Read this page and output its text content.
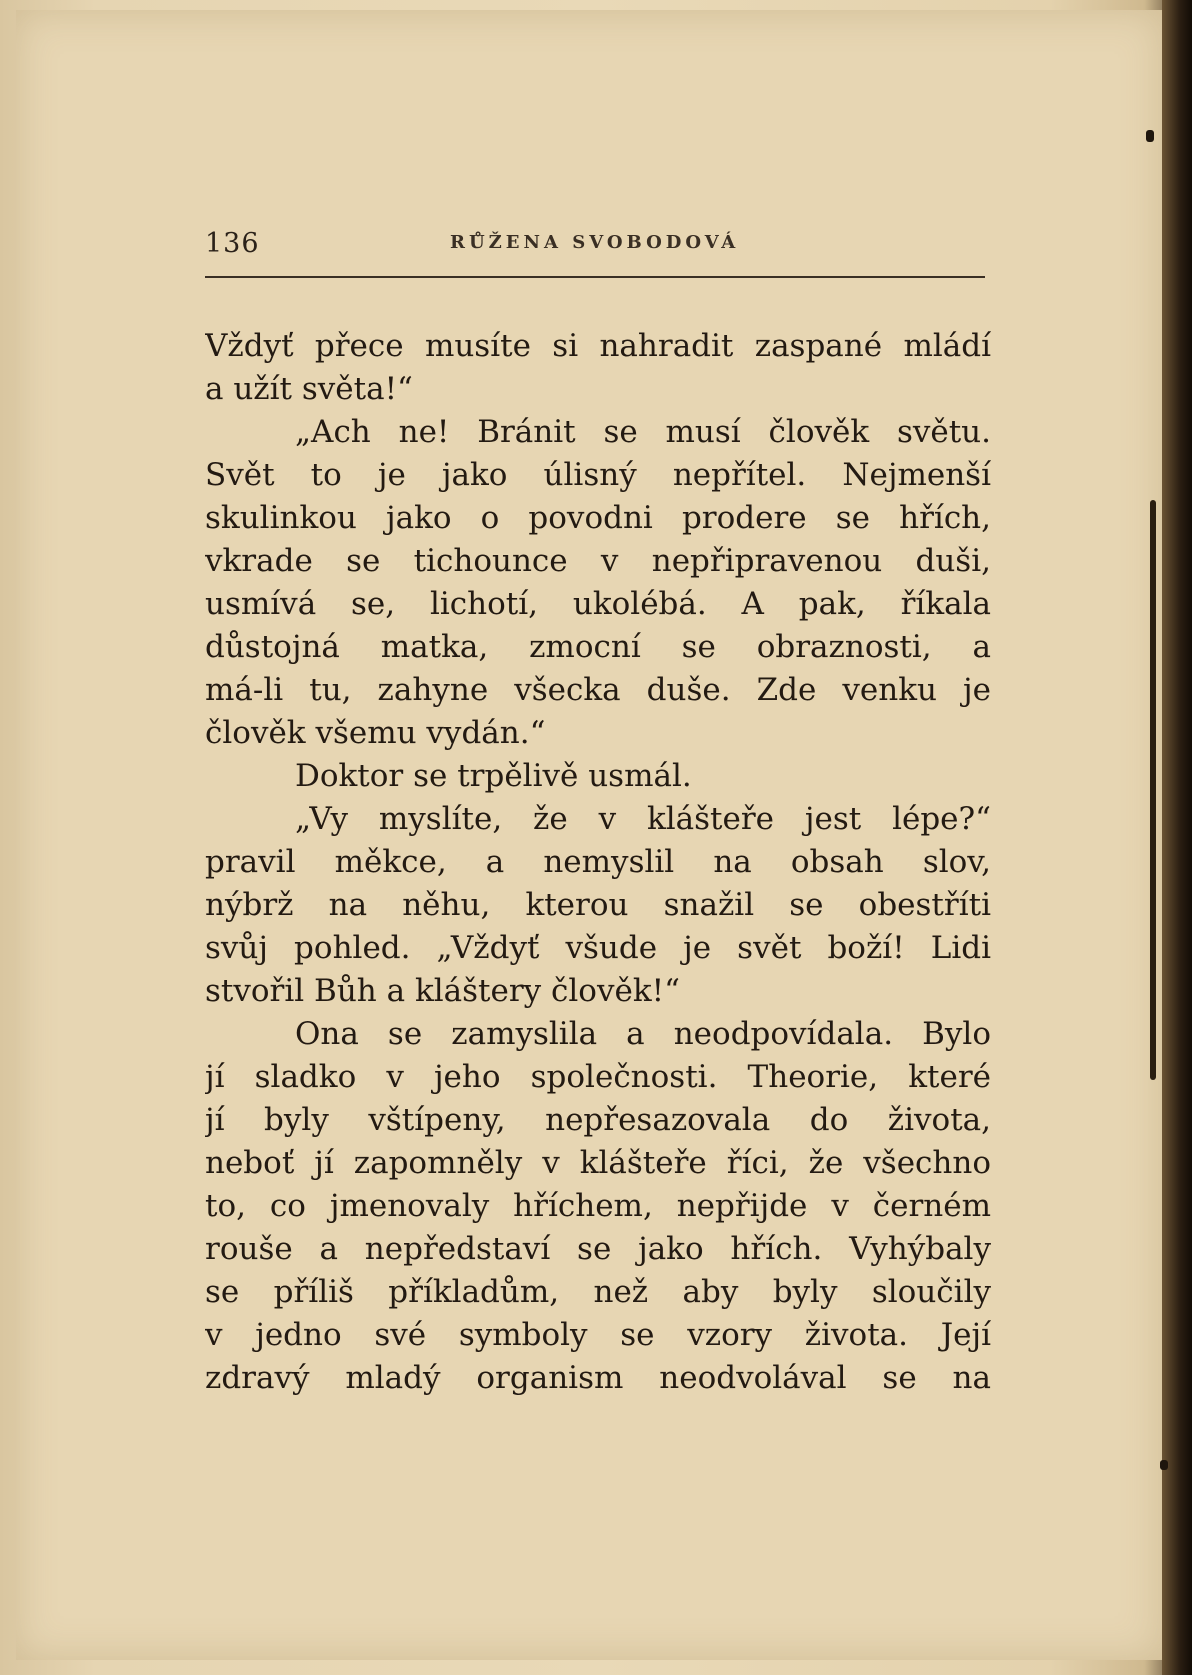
136	RŮŽENA SVOBODOVÁ
Vždyť přece musíte si nahradit zaspané mládí
a užít světa!“
„Ach ne! Bránit se musí člověk světu.
Svět to je jako úlisný nepřítel. Nejmenší
skulinkou jako o povodni prodere se hřích,
vkrade se tichounce v nepřipravenou duši,
usmívá se, lichotí, ukolébá. A pak, říkala
důstojná matka, zmocní se obraznosti, a
má-li tu, zahyne všecka duše. Zde venku je
člověk všemu vydán.“
Doktor se trpělivě usmál.
„Vy myslíte, že v klášteře jest lépe?“
pravil měkce, a nemyslil na obsah slov,
nýbrž na něhu, kterou snažil se obestříti
svůj pohled. „Vždyť všude je svět boží! Lidi
stvořil Bůh a kláštery člověk!“
Ona se zamyslila a neodpovídala. Bylo
jí sladko v jeho společnosti. Theorie, které
jí byly vštípeny, nepřesazovala do života,
neboť jí zapomněly v klášteře říci, že všechno
to, co jmenovaly hříchem, nepřijde v černém
rouše a nepředstaví se jako hřích. Vyhýbaly
se příliš příkladům, než aby byly sloučily
v jedno své symboly se vzory života. Její
zdravý mladý organism neodvolával se na
